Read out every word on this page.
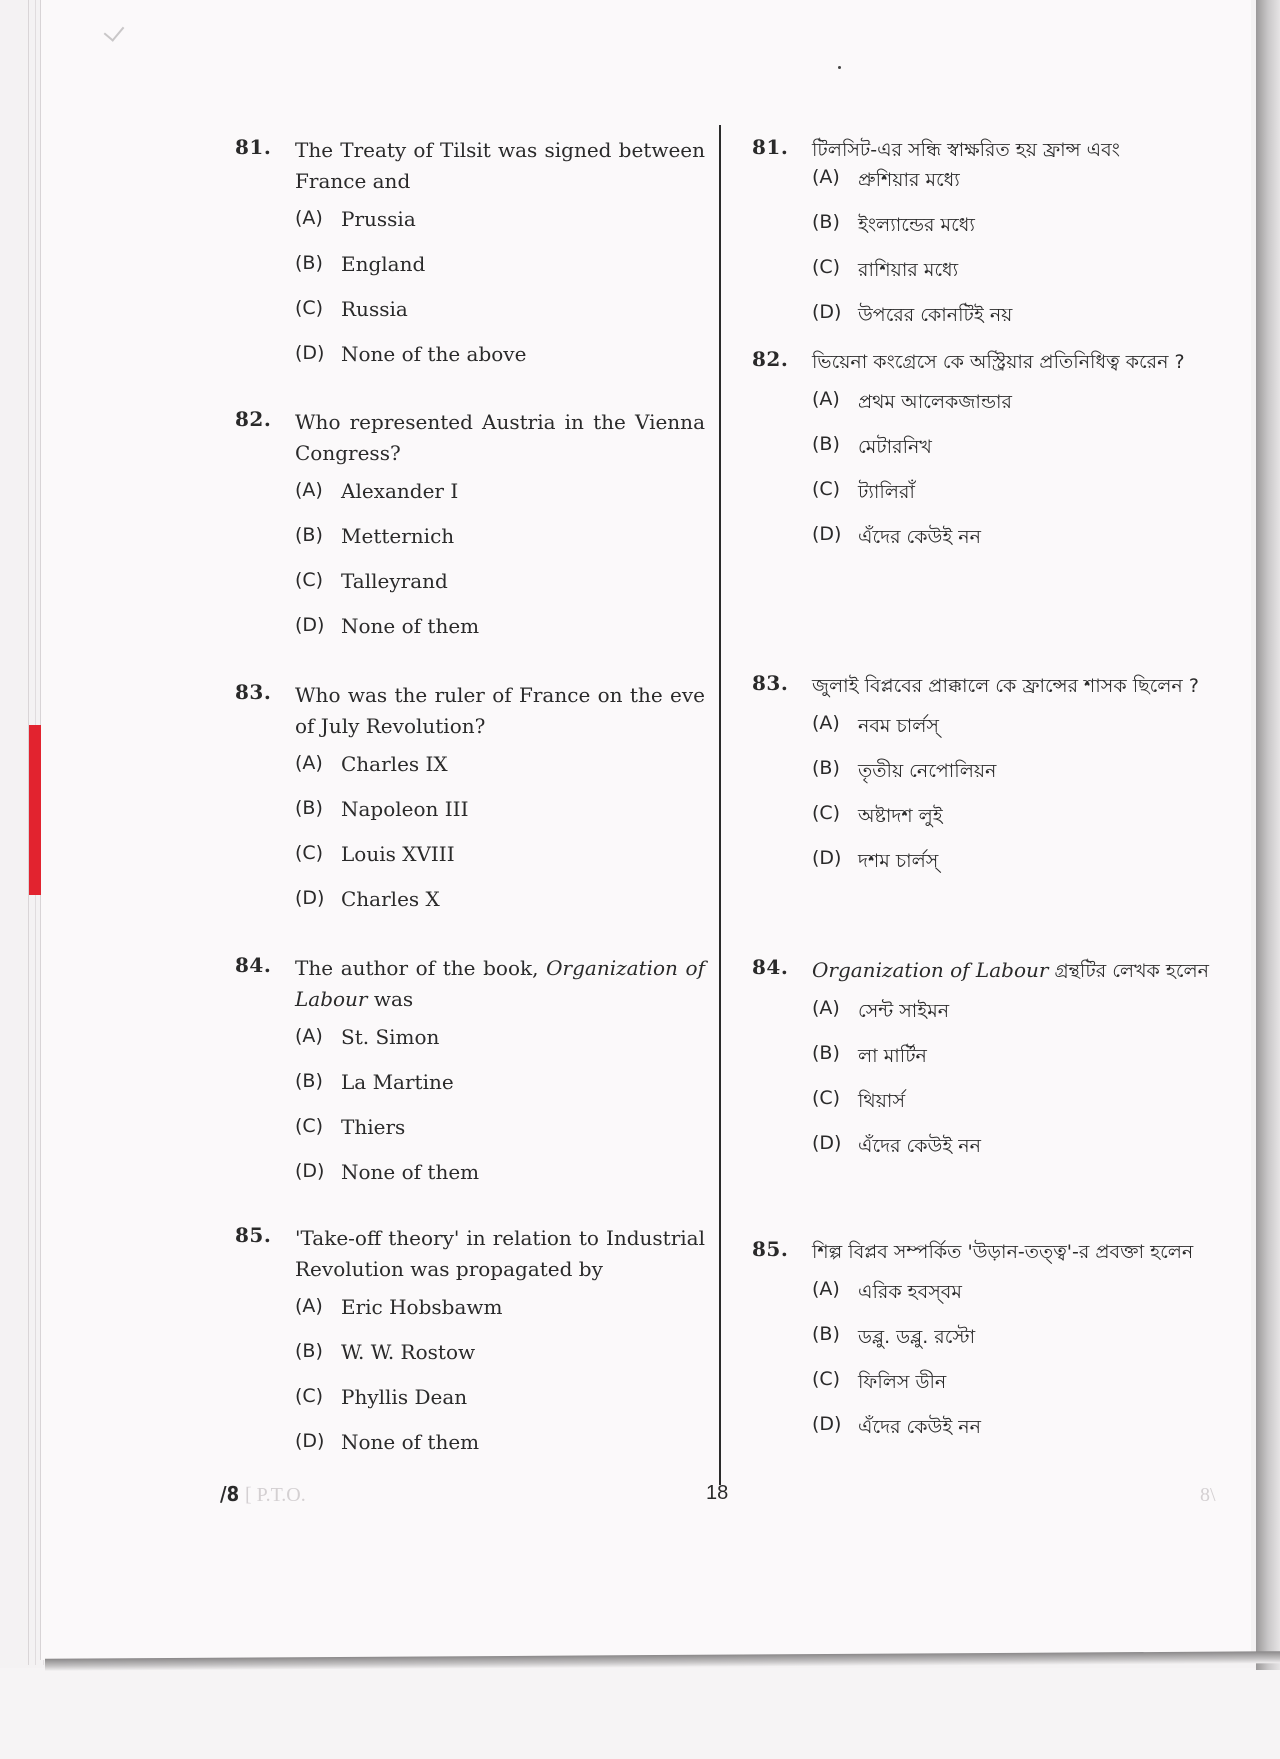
81. The Treaty of Tilsit was signed between France and
(A) Prussia
(B) England
(C) Russia
(D) None of the above
82. Who represented Austria in the Vienna Congress?
(A) Alexander I
(B) Metternich
(C) Talleyrand
(D) None of them
83. Who was the ruler of France on the eve of July Revolution?
(A) Charles IX
(B) Napoleon III
(C) Louis XVIII
(D) Charles X
84. The author of the book, Organization of Labour was
(A) St. Simon
(B) La Martine
(C) Thiers
(D) None of them
85. 'Take-off theory' in relation to Industrial Revolution was propagated by
(A) Eric Hobsbawm
(B) W. W. Rostow
(C) Phyllis Dean
(D) None of them
81. টিলসিট-এর সন্ধি স্বাক্ষরিত হয় ফ্রান্স এবং
(A) প্রুশিয়ার মধ্যে
(B) ইংল্যান্ডের মধ্যে
(C) রাশিয়ার মধ্যে
(D) উপরের কোনটিই নয়
82. ভিয়েনা কংগ্রেসে কে অস্ট্রিয়ার প্রতিনিধিত্ব করেন ?
(A) প্রথম আলেকজান্ডার
(B) মেটারনিখ
(C) ট্যালিরাঁ
(D) এঁদের কেউই নন
83. জুলাই বিপ্লবের প্রাক্কালে কে ফ্রান্সের শাসক ছিলেন ?
(A) নবম চার্লস্
(B) তৃতীয় নেপোলিয়ন
(C) অষ্টাদশ লুই
(D) দশম চার্লস্
84. Organization of Labour গ্রন্থটির লেখক হলেন
(A) সেন্ট সাইমন
(B) লা মার্টিন
(C) থিয়ার্স
(D) এঁদের কেউই নন
85. শিল্প বিপ্লব সম্পর্কিত 'উড়ান-তত্ত্ব'-র প্রবক্তা হলেন
(A) এরিক হবস্‌বম
(B) ডব্লু. ডব্লু. রস্টো
(C) ফিলিস ডীন
(D) এঁদের কেউই নন
/8 [ P.T.O.	18	8\
